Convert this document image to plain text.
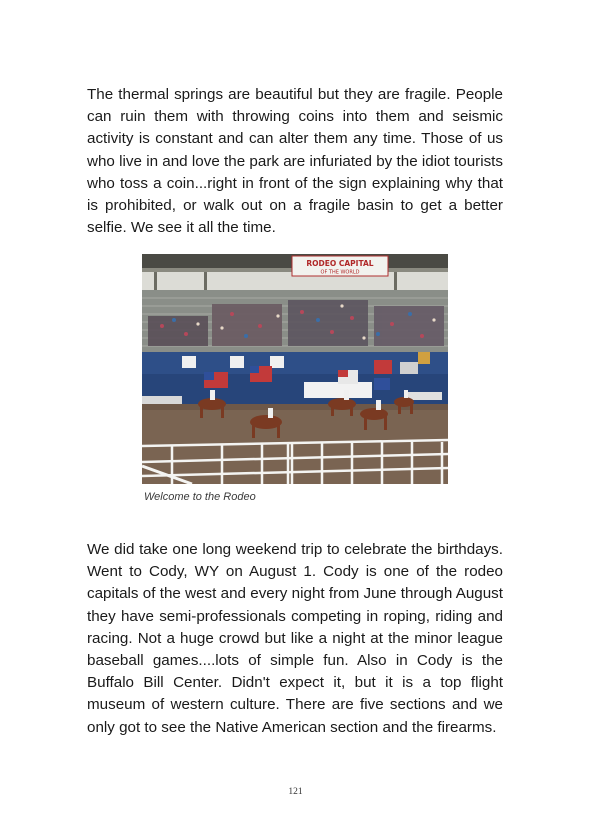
The thermal springs are beautiful but they are fragile. People can ruin them with throwing coins into them and seismic activity is constant and can alter them any time. Those of us who live in and love the park are infuriated by the idiot tourists who toss a coin...right in front of the sign explaining why that is prohibited, or walk out on a fragile basin to get a better selfie. We see it all the time.

RODEO CAPITAL
OF THE WORLD
Welcome to the Rodeo

We did take one long weekend trip to celebrate the birthdays. Went to Cody, WY on August 1. Cody is one of the rodeo capitals of the west and every night from June through August they have semi-professionals competing in roping, riding and racing. Not a huge crowd but like a night at the minor league baseball games....lots of simple fun. Also in Cody is the Buffalo Bill Center. Didn't expect it, but it is a top flight museum of western culture. There are five sections and we only got to see the Native American section and the firearms.

121
